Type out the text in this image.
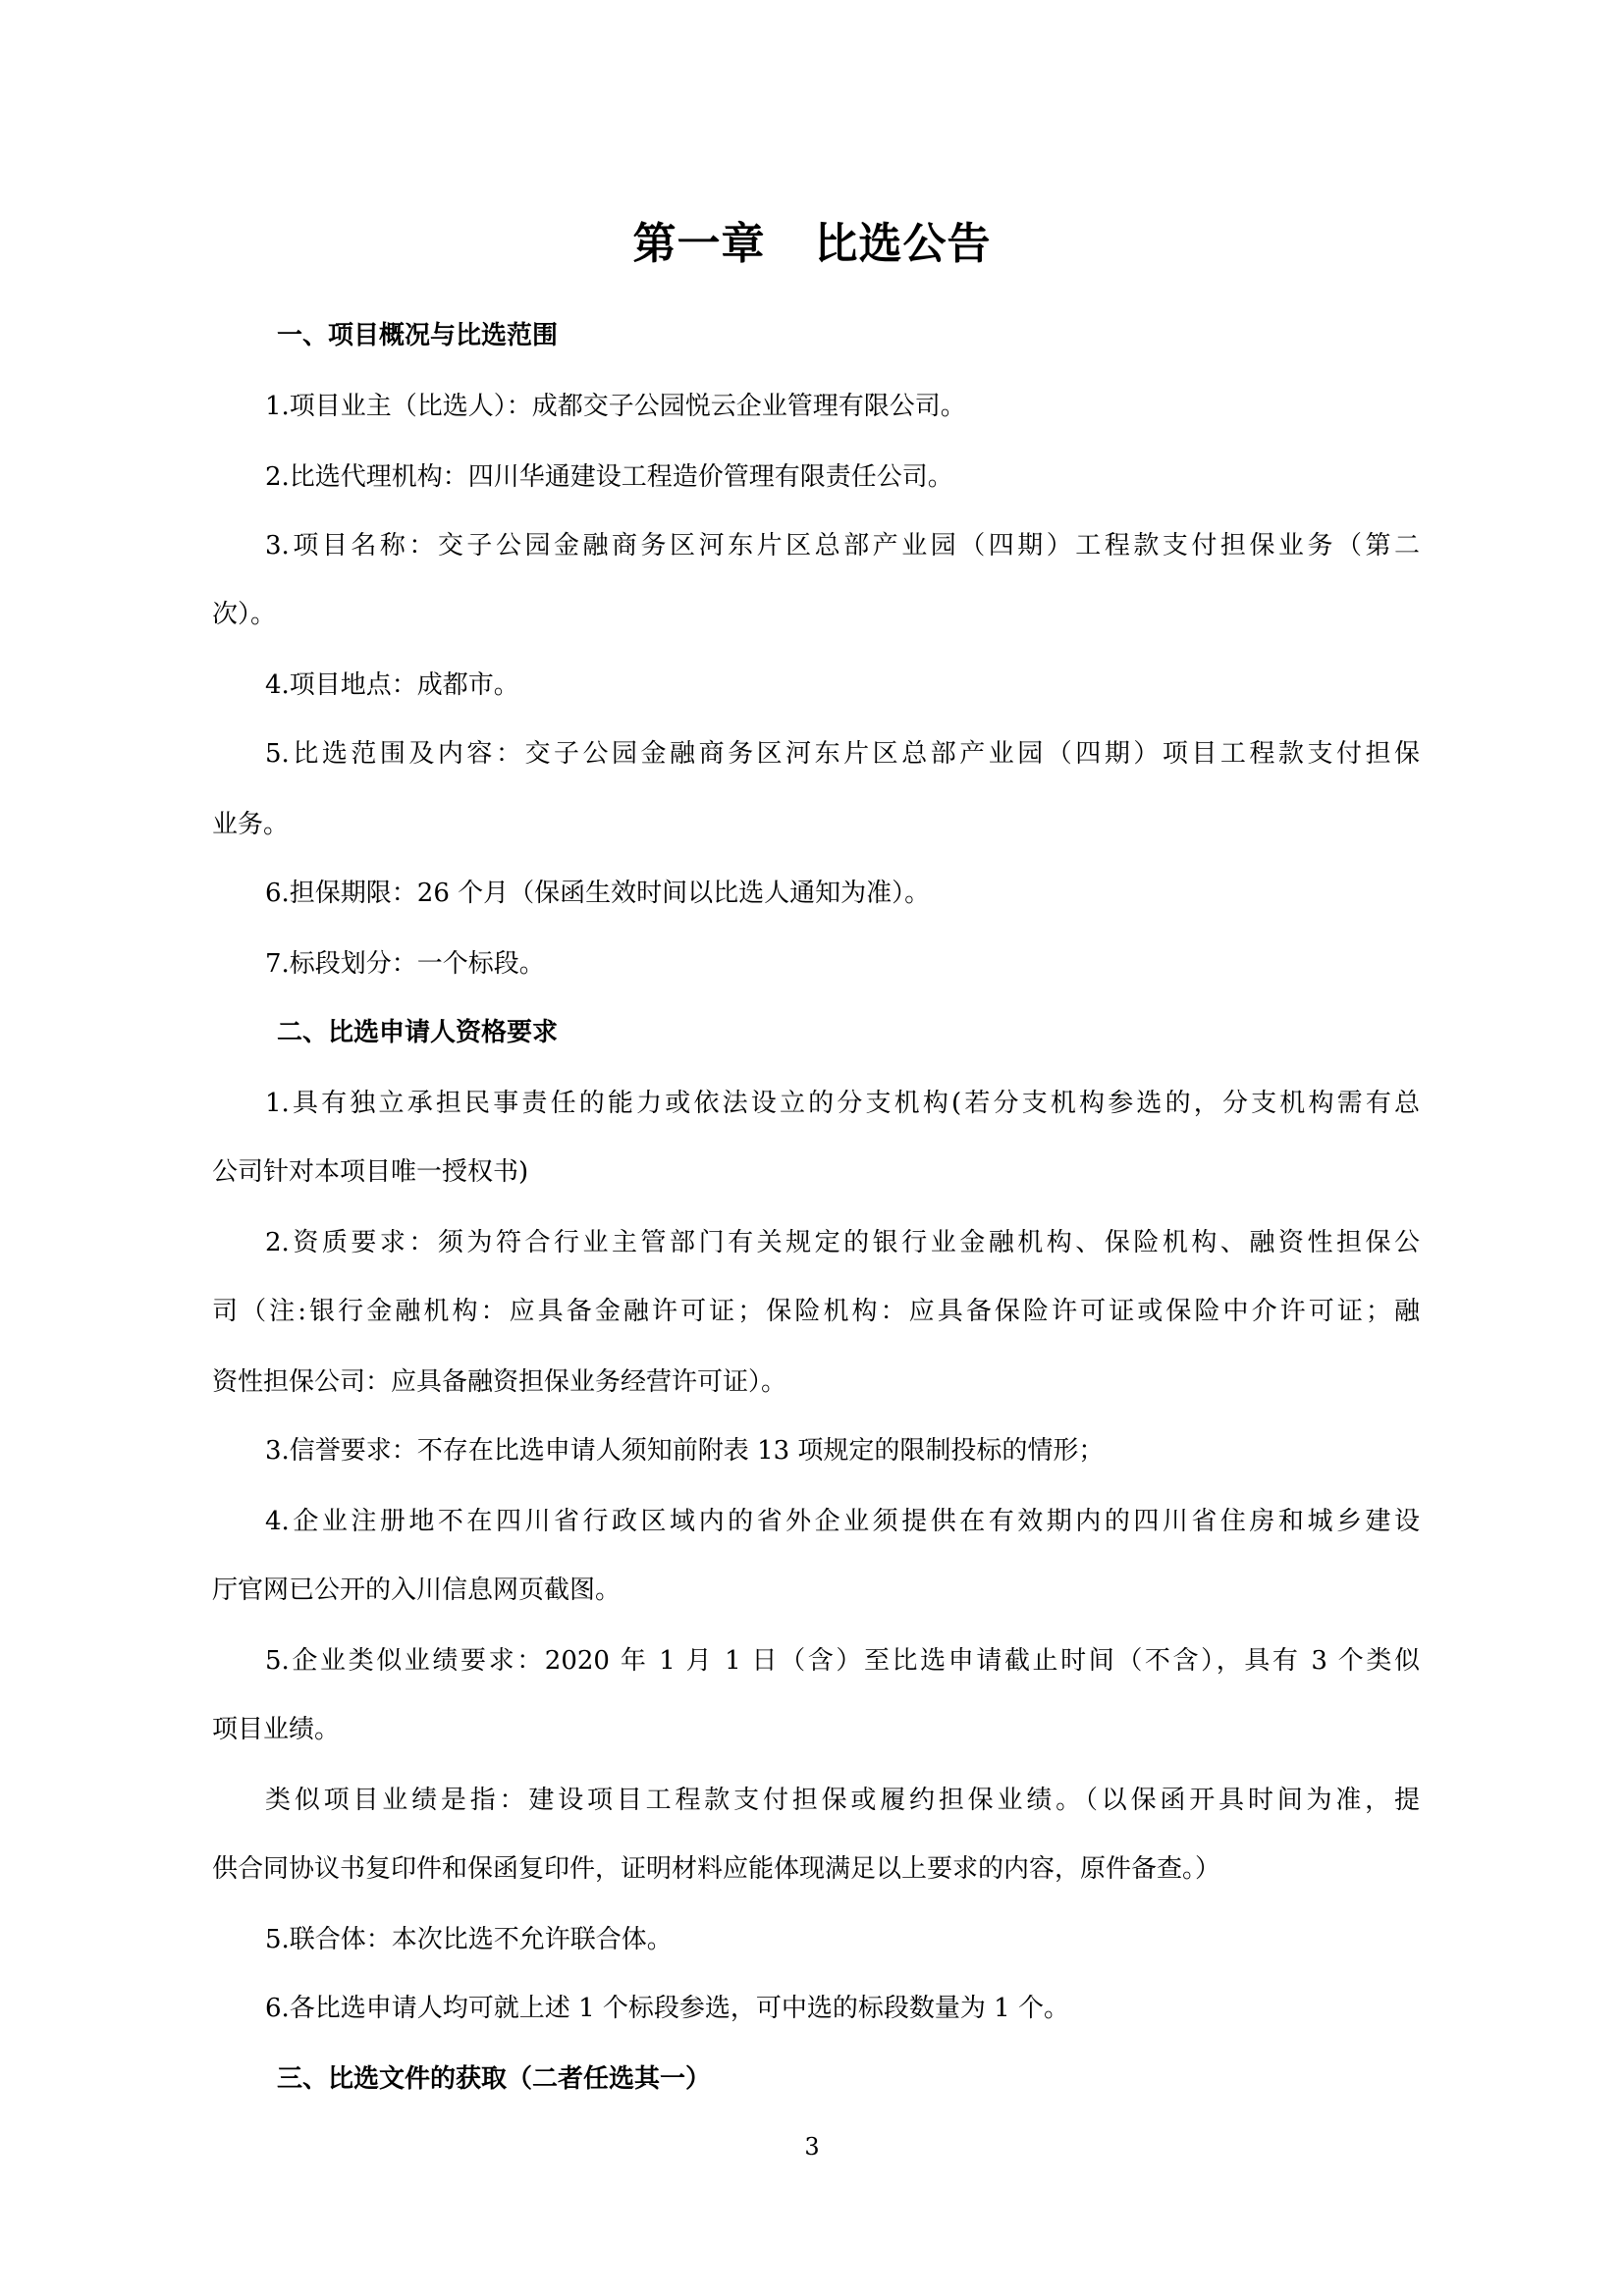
第一章 比选公告
一、项目概况与比选范围
1.项目业主（比选人）：成都交子公园悦云企业管理有限公司。
2.比选代理机构：四川华通建设工程造价管理有限责任公司。
3.项目名称：交子公园金融商务区河东片区总部产业园（四期）工程款支付担保业务（第二
次）。
4.项目地点：成都市。
5.比选范围及内容：交子公园金融商务区河东片区总部产业园（四期）项目工程款支付担保
业务。
6.担保期限：26 个月（保函生效时间以比选人通知为准）。
7.标段划分：一个标段。
二、比选申请人资格要求
1.具有独立承担民事责任的能力或依法设立的分支机构(若分支机构参选的，分支机构需有总
公司针对本项目唯一授权书)
2.资质要求：须为符合行业主管部门有关规定的银行业金融机构、保险机构、融资性担保公
司（注:银行金融机构：应具备金融许可证；保险机构：应具备保险许可证或保险中介许可证；融
资性担保公司：应具备融资担保业务经营许可证）。
3.信誉要求：不存在比选申请人须知前附表 13 项规定的限制投标的情形；
4.企业注册地不在四川省行政区域内的省外企业须提供在有效期内的四川省住房和城乡建设
厅官网已公开的入川信息网页截图。
5.企业类似业绩要求：2020 年 1 月 1 日（含）至比选申请截止时间（不含），具有 3 个类似
项目业绩。
类似项目业绩是指：建设项目工程款支付担保或履约担保业绩。（以保函开具时间为准，提
供合同协议书复印件和保函复印件，证明材料应能体现满足以上要求的内容，原件备查。）
5.联合体：本次比选不允许联合体。
6.各比选申请人均可就上述 1 个标段参选，可中选的标段数量为 1 个。
三、比选文件的获取（二者任选其一）
3
